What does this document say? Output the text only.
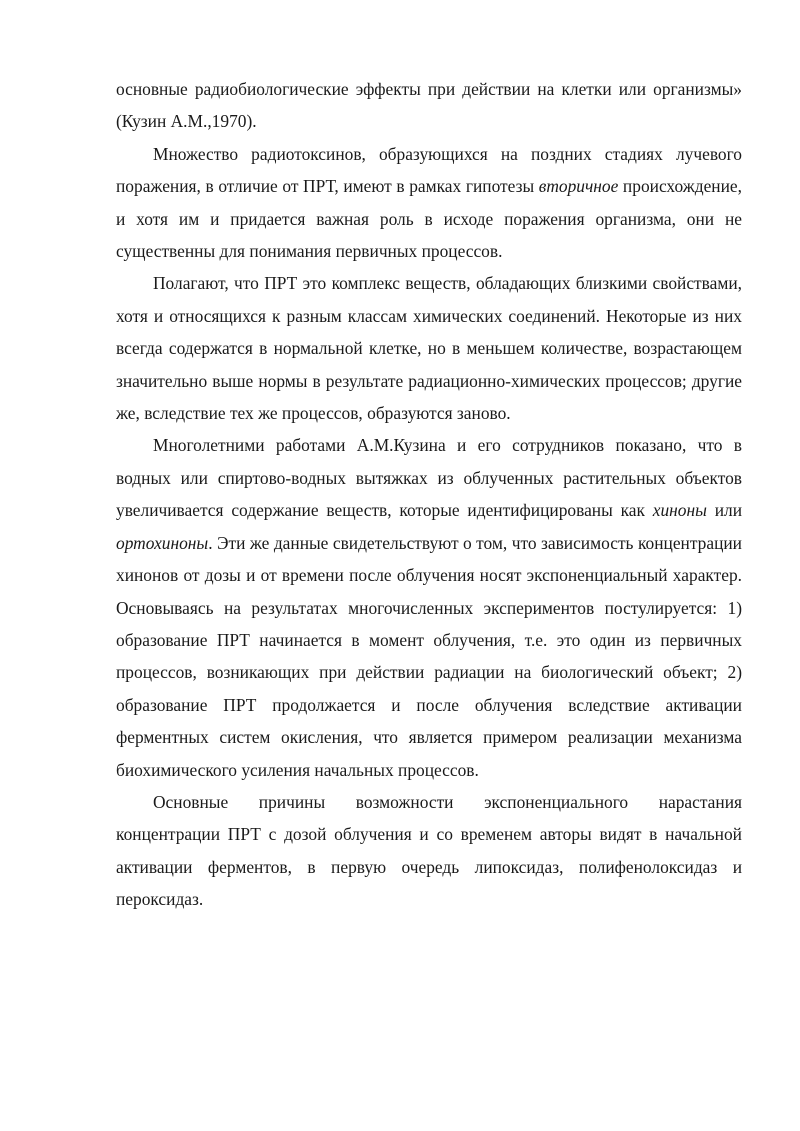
основные радиобиологические эффекты при действии на клетки или организмы» (Кузин А.М.,1970).

Множество радиотоксинов, образующихся на поздних стадиях лучевого поражения, в отличие от ПРТ, имеют в рамках гипотезы вторичное происхождение, и хотя им и придается важная роль в исходе поражения организма, они не существенны для понимания первичных процессов.

Полагают, что ПРТ это комплекс веществ, обладающих близкими свойствами, хотя и относящихся к разным классам химических соединений. Некоторые из них всегда содержатся в нормальной клетке, но в меньшем количестве, возрастающем значительно выше нормы в результате радиационно-химических процессов; другие же, вследствие тех же процессов, образуются заново.

Многолетними работами А.М.Кузина и его сотрудников показано, что в водных или спиртово-водных вытяжках из облученных растительных объектов увеличивается содержание веществ, которые идентифицированы как хиноны или ортохиноны. Эти же данные свидетельствуют о том, что зависимость концентрации хинонов от дозы и от времени после облучения носят экспоненциальный характер. Основываясь на результатах многочисленных экспериментов постулируется: 1) образование ПРТ начинается в момент облучения, т.е. это один из первичных процессов, возникающих при действии радиации на биологический объект; 2) образование ПРТ продолжается и после облучения вследствие активации ферментных систем окисления, что является примером реализации механизма биохимического усиления начальных процессов.

Основные причины возможности экспоненциального нарастания концентрации ПРТ с дозой облучения и со временем авторы видят в начальной активации ферментов, в первую очередь липоксидаз, полифенолоксидаз и пероксидаз.
